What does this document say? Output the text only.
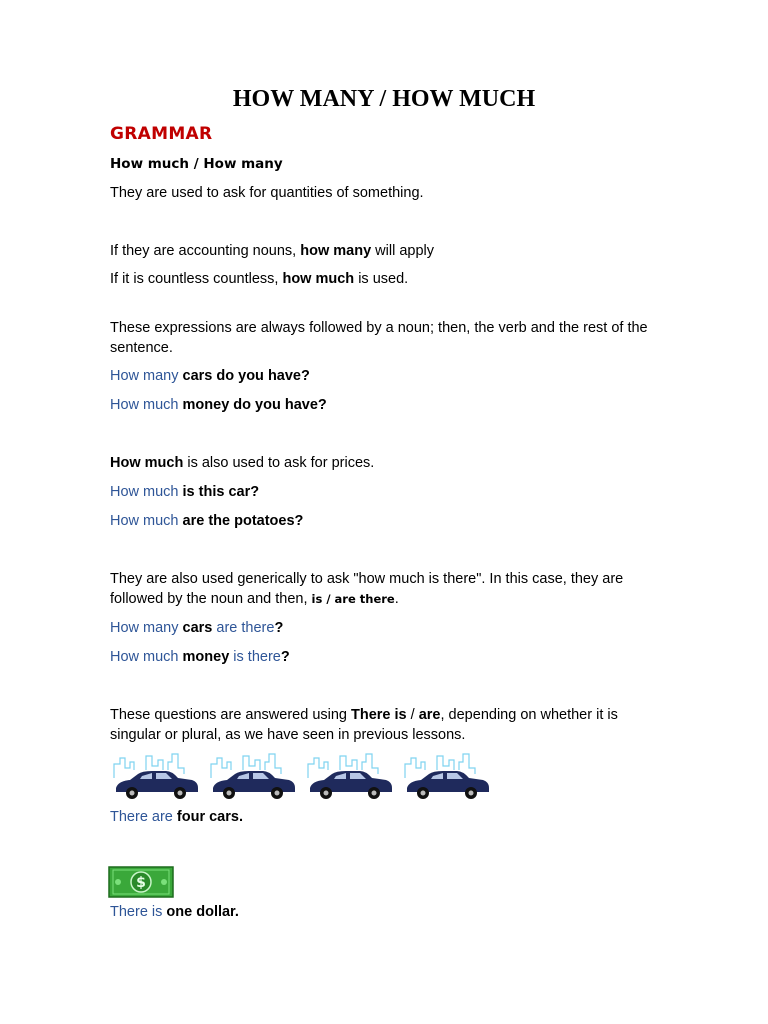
HOW MANY / HOW MUCH
GRAMMAR
How much / How many
They are used to ask for quantities of something.
If they are accounting nouns, how many will apply
If it is countless countless, how much is used.
These expressions are always followed by a noun; then, the verb and the rest of the sentence.
How many cars do you have?
How much money do you have?
How much is also used to ask for prices.
How much is this car?
How much are the potatoes?
They are also used generically to ask "how much is there". In this case, they are followed by the noun and then, is / are there.
How many cars are there?
How much money is there?
These questions are answered using There is / are, depending on whether it is singular or plural, as we have seen in previous lessons.
There are four cars.
$
There is one dollar.
